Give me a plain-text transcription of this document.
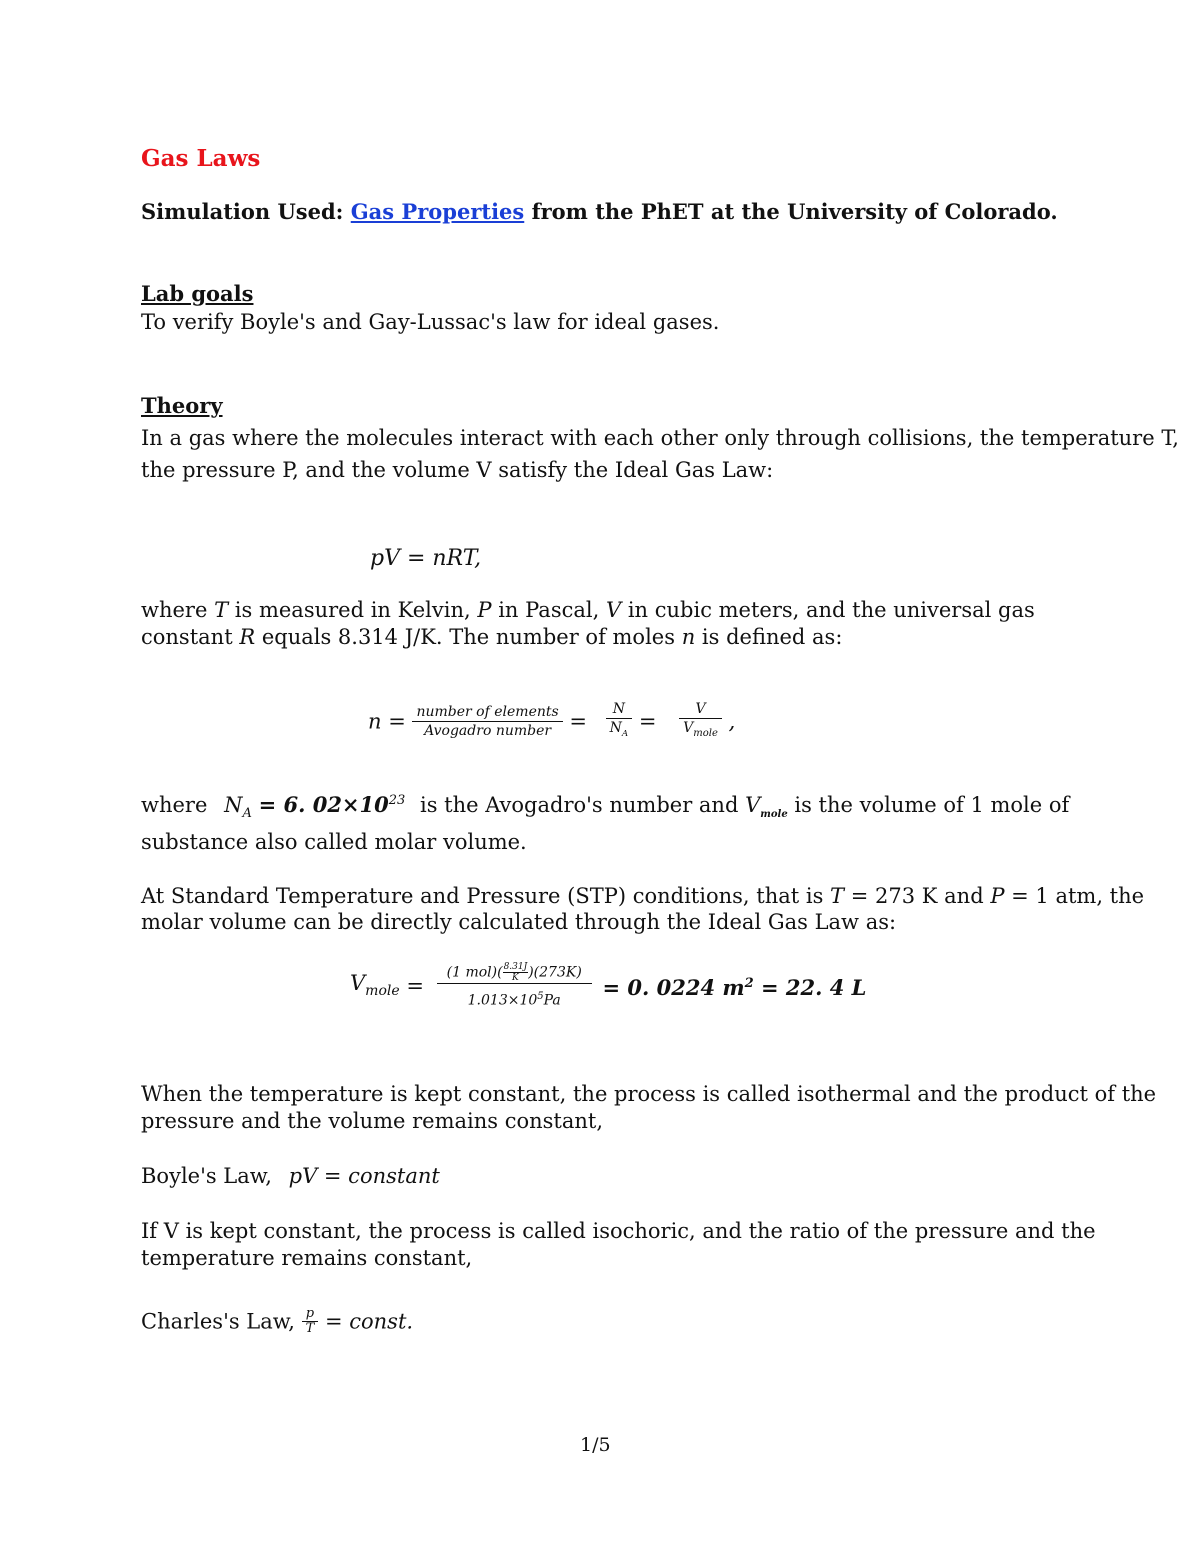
Gas Laws
Simulation Used: Gas Properties from the PhET at the University of Colorado.
Lab goals
To verify Boyle's and Gay-Lussac's law for ideal gases.
Theory
In a gas where the molecules interact with each other only through collisions, the temperature T,
the pressure P, and the volume V satisfy the Ideal Gas Law:
pV = nRT,
where T is measured in Kelvin, P in Pascal, V in cubic meters, and the universal gas
constant R equals 8.314 J/K. The number of moles n is defined as:
$n = \frac{\text{number of elements}}{\text{Avogadro number}} = \frac{N}{N_A} = \frac{V}{V_{mole}}$ ,
where $N_A = 6$. $02\times 10^{23}$ is the Avogadro's number and $V_{mole}$ is the volume of 1 mole of
substance also called molar volume.
At Standard Temperature and Pressure (STP) conditions, that is T = 273 K and P = 1 atm, the
molar volume can be directly calculated through the Ideal Gas Law as:
$V_{mole} = \frac{(1 mol)( \frac{8.31J}{K} )(273K)}{1.013\times 10^5Pa} = 0$. 0224 $m^2 = 22$. 4 L
When the temperature is kept constant, the process is called isothermal and the product of the
pressure and the volume remains constant,
Boyle's Law, pV = constant
If V is kept constant, the process is called isochoric, and the ratio of the pressure and the
temperature remains constant,
Charles's Law, $\frac{p}{T}$ = const.
1/5
